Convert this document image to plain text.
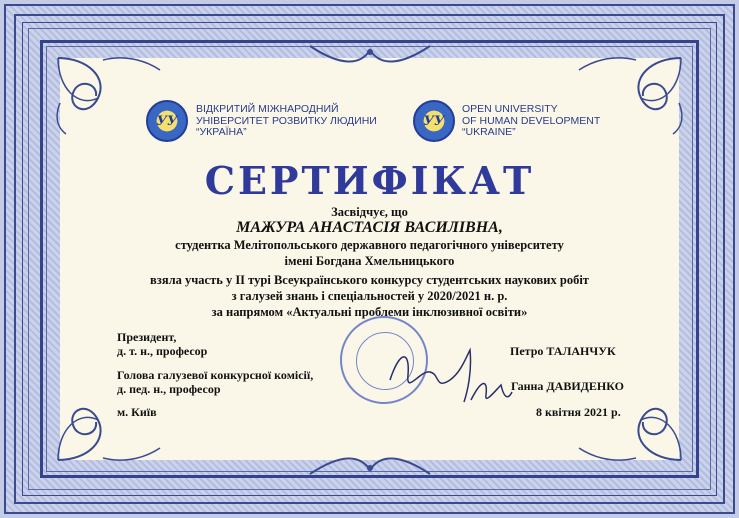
УУ
ВІДКРИТИЙ МІЖНАРОДНИЙ
УНІВЕРСИТЕТ РОЗВИТКУ ЛЮДИНИ
“УКРАЇНА”
УУ
OPEN UNIVERSITY
OF HUMAN DEVELOPMENT
“UKRAINE”
СЕРТИФІКАТ
Засвідчує, що
МАЖУРА АНАСТАСІЯ ВАСИЛІВНА,
студентка Мелітопольського державного педагогічного університету
імені Богдана Хмельницького
взяла участь у II турі Всеукраїнського конкурсу студентських наукових робіт
з галузей знань і спеціальностей у 2020/2021 н. р.
за напрямом «Актуальні проблеми інклюзивної освіти»
Президент,
д. т. н., професор	Петро ТАЛАНЧУК
Голова галузевої конкурсної комісії,
д. пед. н., професор	Ганна ДАВИДЕНКО
м. Київ	8 квітня 2021 р.
